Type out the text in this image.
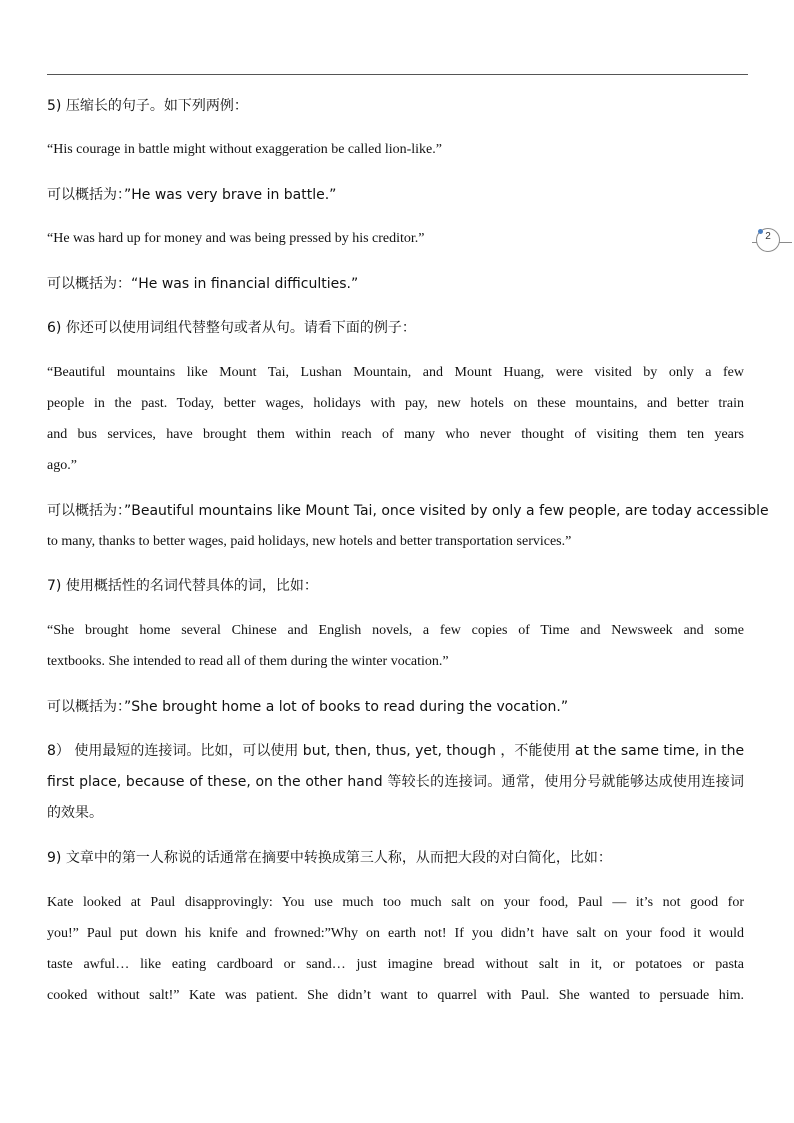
2
5) 压缩长的句子。如下列两例：
“His courage in battle might without exaggeration be called lion-like.”
可以概括为：”He was very brave in battle.”
“He was hard up for money and was being pressed by his creditor.”
可以概括为：“He was in financial difficulties.”
6) 你还可以使用词组代替整句或者从句。请看下面的例子：
“Beautiful mountains like Mount Tai, Lushan Mountain, and Mount Huang, were visited by only a few
people in the past. Today, better wages, holidays with pay, new hotels on these mountains, and better train
and bus services, have brought them within reach of many who never thought of visiting them ten years
ago.”
可以概括为：”Beautiful mountains like Mount Tai, once visited by only a few people, are today accessible
to many, thanks to better wages, paid holidays, new hotels and better transportation services.”
7) 使用概括性的名词代替具体的词，比如：
“She brought home several Chinese and English novels, a few copies of Time and Newsweek and some
textbooks. She intended to read all of them during the winter vocation.”
可以概括为：”She brought home a lot of books to read during the vocation.”
8） 使用最短的连接词。比如，可以使用 but, then, thus, yet, though ，不能使用 at the same time, in the
first place, because of these, on the other hand 等较长的连接词。通常，使用分号就能够达成使用连接词
的效果。
9) 文章中的第一人称说的话通常在摘要中转换成第三人称，从而把大段的对白简化，比如：
Kate looked at Paul disapprovingly: You use much too much salt on your food, Paul — it’s not good for
you!” Paul put down his knife and frowned:”Why on earth not! If you didn’t have salt on your food it would
taste awful… like eating cardboard or sand… just imagine bread without salt in it, or potatoes or pasta
cooked without salt!” Kate was patient. She didn’t want to quarrel with Paul. She wanted to persuade him.
